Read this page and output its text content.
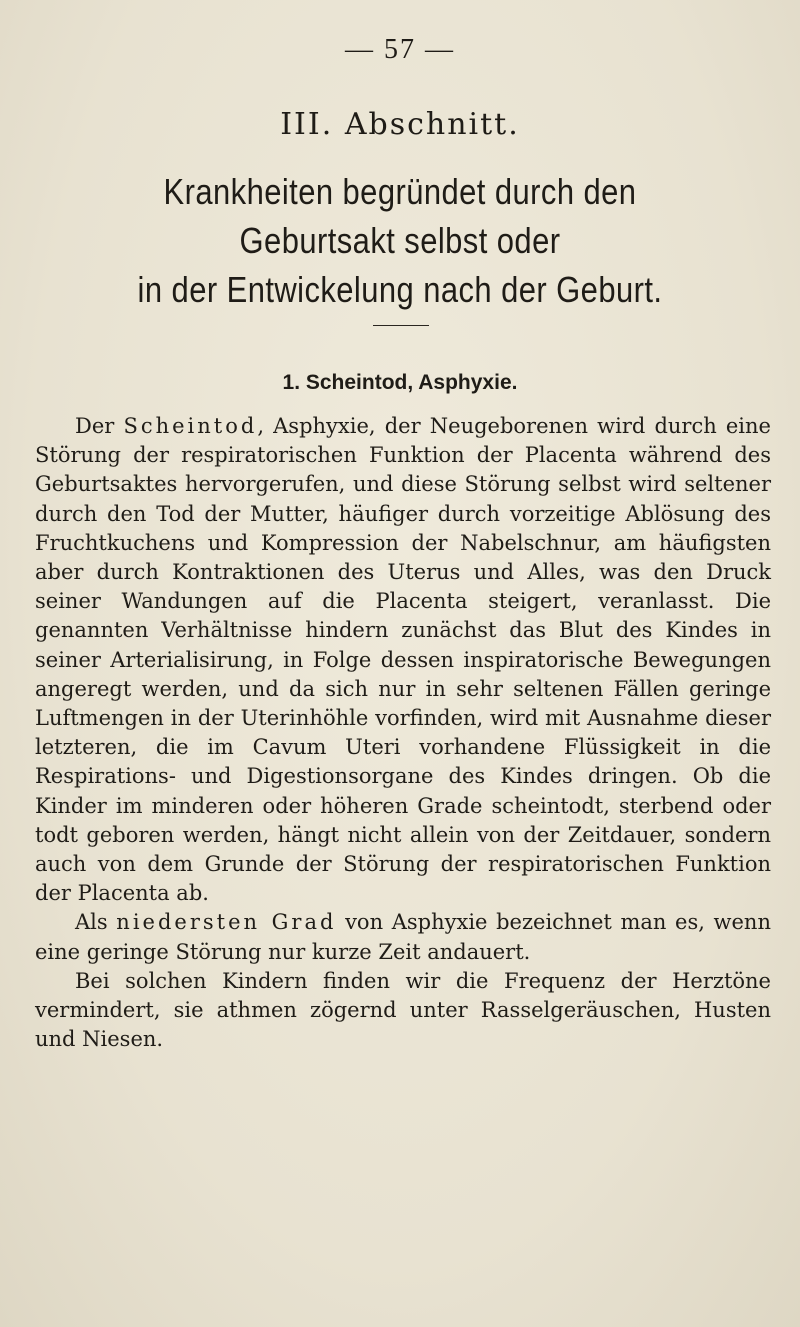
— 57 —
III. Abschnitt.
Krankheiten begründet durch den Geburtsakt selbst oder
in der Entwickelung nach der Geburt.
1. Scheintod, Asphyxie.

Der Scheintod, Asphyxie, der Neugeborenen wird durch eine Störung der respiratorischen Funktion der Placenta während des Geburtsaktes hervorgerufen, und diese Störung selbst wird seltener durch den Tod der Mutter, häufiger durch vorzeitige Ablösung des Fruchtkuchens und Kompression der Nabelschnur, am häufigsten aber durch Kontraktionen des Uterus und Alles, was den Druck seiner Wandungen auf die Placenta steigert, veranlasst. Die genannten Verhältnisse hindern zunächst das Blut des Kindes in seiner Arterialisirung, in Folge dessen inspiratorische Bewegungen angeregt werden, und da sich nur in sehr seltenen Fällen geringe Luftmengen in der Uterinhöhle vorfinden, wird mit Ausnahme dieser letzteren, die im Cavum Uteri vorhandene Flüssigkeit in die Respirations- und Digestionsorgane des Kindes dringen. Ob die Kinder im minderen oder höheren Grade scheintodt, sterbend oder todt geboren werden, hängt nicht allein von der Zeitdauer, sondern auch von dem Grunde der Störung der respiratorischen Funktion der Placenta ab.

Als niedersten Grad von Asphyxie bezeichnet man es, wenn eine geringe Störung nur kurze Zeit andauert.

Bei solchen Kindern finden wir die Frequenz der Herztöne vermindert, sie athmen zögernd unter Rasselgeräuschen, Husten und Niesen.
